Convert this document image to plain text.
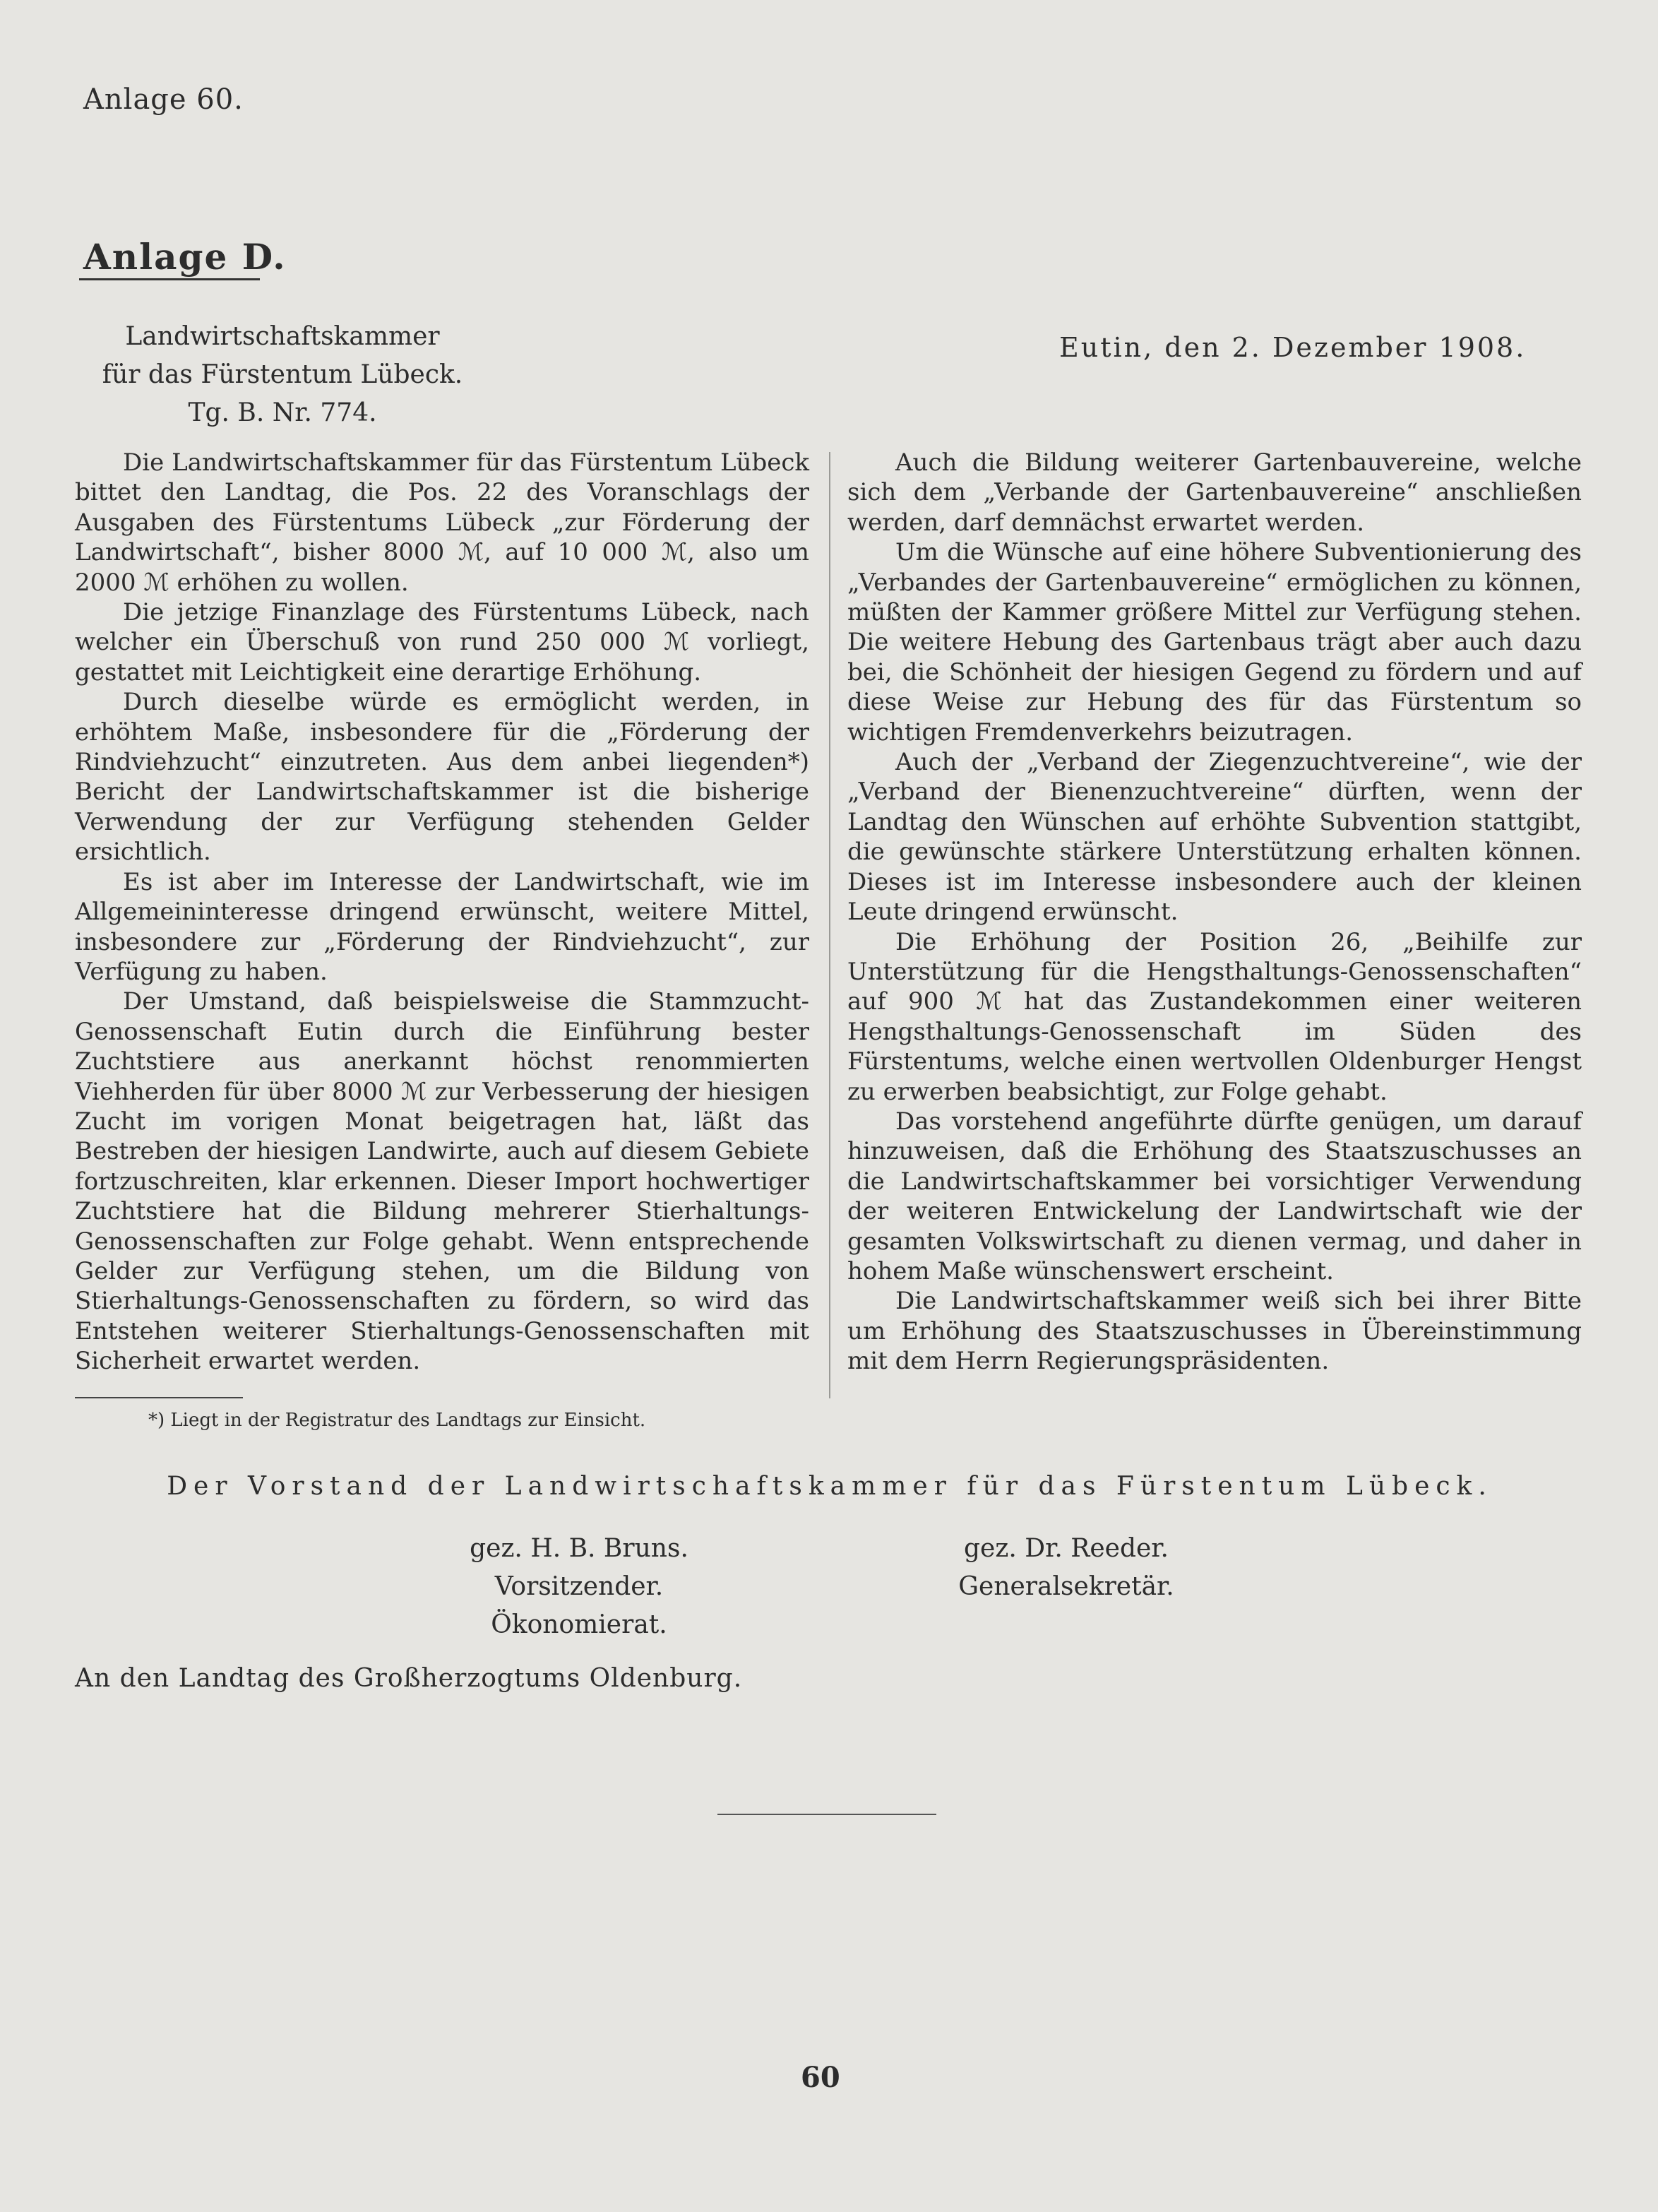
Anlage 60.
Anlage D.
Landwirtschaftskammer
für das Fürstentum Lübeck.
Tg. B. Nr. 774.
Eutin, den 2. Dezember 1908.

Die Landwirtschaftskammer für das Fürstentum Lübeck bittet den Landtag, die Pos. 22 des Voranschlags der Ausgaben des Fürstentums Lübeck „zur Förderung der Landwirtschaft“, bisher 8000 ℳ, auf 10 000 ℳ, also um 2000 ℳ erhöhen zu wollen.

Die jetzige Finanzlage des Fürstentums Lübeck, nach welcher ein Überschuß von rund 250 000 ℳ vorliegt, gestattet mit Leichtigkeit eine derartige Erhöhung.

Durch dieselbe würde es ermöglicht werden, in erhöhtem Maße, insbesondere für die „Förderung der Rindviehzucht“ einzutreten. Aus dem anbei liegenden*) Bericht der Landwirtschaftskammer ist die bisherige Verwendung der zur Verfügung stehenden Gelder ersichtlich.

Es ist aber im Interesse der Landwirtschaft, wie im Allgemeininteresse dringend erwünscht, weitere Mittel, insbesondere zur „Förderung der Rindviehzucht“, zur Verfügung zu haben.

Der Umstand, daß beispielsweise die Stammzucht-Genossenschaft Eutin durch die Einführung bester Zuchtstiere aus anerkannt höchst renommierten Viehherden für über 8000 ℳ zur Verbesserung der hiesigen Zucht im vorigen Monat beigetragen hat, läßt das Bestreben der hiesigen Landwirte, auch auf diesem Gebiete fortzuschreiten, klar erkennen. Dieser Import hochwertiger Zuchtstiere hat die Bildung mehrerer Stierhaltungs-Genossenschaften zur Folge gehabt. Wenn entsprechende Gelder zur Verfügung stehen, um die Bildung von Stierhaltungs-Genossenschaften zu fördern, so wird das Entstehen weiterer Stierhaltungs-Genossenschaften mit Sicherheit erwartet werden.

Auch die Bildung weiterer Gartenbauvereine, welche sich dem „Verbande der Gartenbauvereine“ anschließen werden, darf demnächst erwartet werden.

Um die Wünsche auf eine höhere Subventionierung des „Verbandes der Gartenbauvereine“ ermöglichen zu können, müßten der Kammer größere Mittel zur Verfügung stehen. Die weitere Hebung des Gartenbaus trägt aber auch dazu bei, die Schönheit der hiesigen Gegend zu fördern und auf diese Weise zur Hebung des für das Fürstentum so wichtigen Fremdenverkehrs beizutragen.

Auch der „Verband der Ziegenzuchtvereine“, wie der „Verband der Bienenzuchtvereine“ dürften, wenn der Landtag den Wünschen auf erhöhte Subvention stattgibt, die gewünschte stärkere Unterstützung erhalten können. Dieses ist im Interesse insbesondere auch der kleinen Leute dringend erwünscht.

Die Erhöhung der Position 26, „Beihilfe zur Unterstützung für die Hengsthaltungs-Genossenschaften“ auf 900 ℳ hat das Zustandekommen einer weiteren Hengsthaltungs-Genossenschaft im Süden des Fürstentums, welche einen wertvollen Oldenburger Hengst zu erwerben beabsichtigt, zur Folge gehabt.

Das vorstehend angeführte dürfte genügen, um darauf hinzuweisen, daß die Erhöhung des Staatszuschusses an die Landwirtschaftskammer bei vorsichtiger Verwendung der weiteren Entwickelung der Landwirtschaft wie der gesamten Volkswirtschaft zu dienen vermag, und daher in hohem Maße wünschenswert erscheint.

Die Landwirtschaftskammer weiß sich bei ihrer Bitte um Erhöhung des Staatszuschusses in Übereinstimmung mit dem Herrn Regierungspräsidenten.

*) Liegt in der Registratur des Landtags zur Einsicht.
Der Vorstand der Landwirtschaftskammer für das Fürstentum Lübeck.
gez. H. B. Bruns.
Vorsitzender.
Ökonomierat.
gez. Dr. Reeder.
Generalsekretär.
An den Landtag des Großherzogtums Oldenburg.
60
